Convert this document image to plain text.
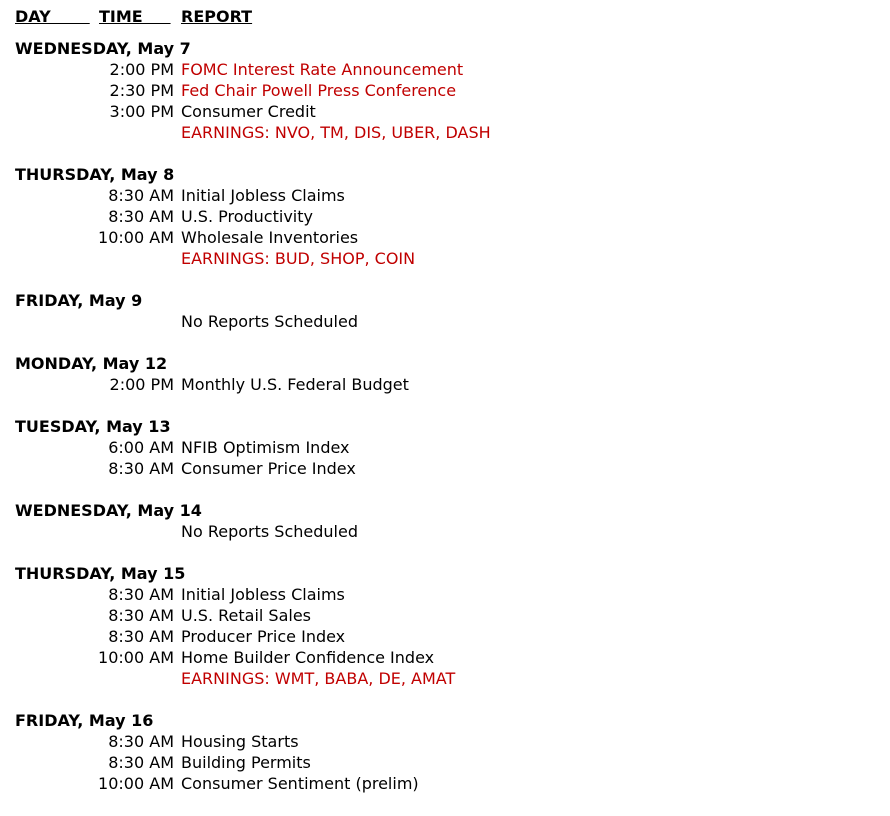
DAY TIME REPORT
WEDNESDAY, May 7
2:00 PM FOMC Interest Rate Announcement
2:30 PM Fed Chair Powell Press Conference
3:00 PM Consumer Credit
EARNINGS: NVO, TM, DIS, UBER, DASH
THURSDAY, May 8
8:30 AM Initial Jobless Claims
8:30 AM U.S. Productivity
10:00 AM Wholesale Inventories
EARNINGS: BUD, SHOP, COIN
FRIDAY, May 9
No Reports Scheduled
MONDAY, May 12
2:00 PM Monthly U.S. Federal Budget
TUESDAY, May 13
6:00 AM NFIB Optimism Index
8:30 AM Consumer Price Index
WEDNESDAY, May 14
No Reports Scheduled
THURSDAY, May 15
8:30 AM Initial Jobless Claims
8:30 AM U.S. Retail Sales
8:30 AM Producer Price Index
10:00 AM Home Builder Confidence Index
EARNINGS: WMT, BABA, DE, AMAT
FRIDAY, May 16
8:30 AM Housing Starts
8:30 AM Building Permits
10:00 AM Consumer Sentiment (prelim)
